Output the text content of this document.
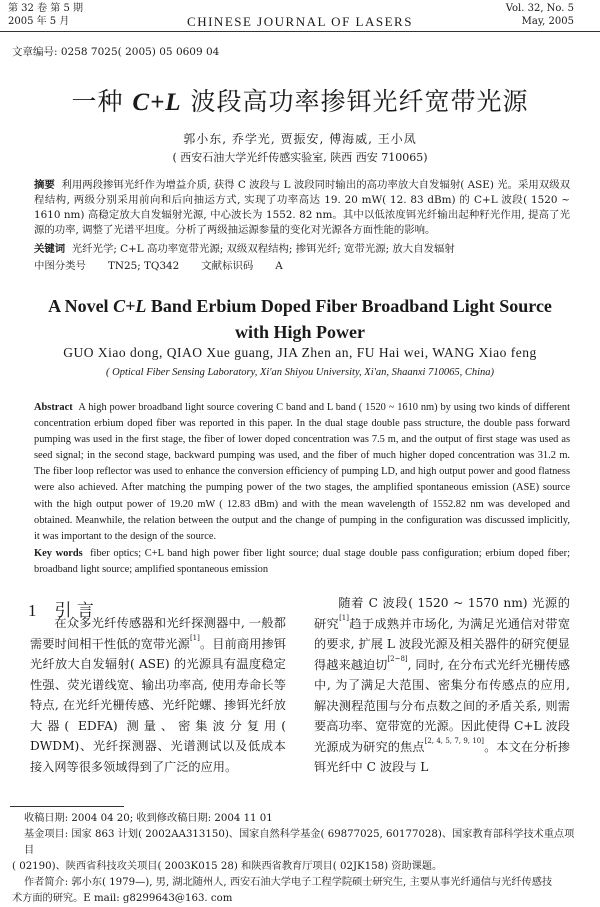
第 32 卷 第 5 期
2005 年 5 月	CHINESE JOURNAL OF LASERS
Vol. 32, No. 5
May, 2005
文章编号: 0258 7025( 2005) 05 0609 04
一种 C+L 波段高功率掺铒光纤宽带光源
郭小东, 乔学光, 贾振安, 傅海威, 王小凤
( 西安石油大学光纤传感实验室, 陕西 西安 710065)
摘要 利用两段掺铒光纤作为增益介质, 获得 C 波段与 L 波段同时输出的高功率放大自发辐射( ASE) 光。采用双级双程结构, 两级分别采用前向和后向抽运方式, 实现了功率高达 19. 20 mW( 12. 83 dBm) 的 C+L 波段( 1520 ~ 1610 nm) 高稳定放大自发辐射光源, 中心波长为 1552. 82 nm。其中以低浓度铒光纤输出起种籽光作用, 提高了光源的功率, 调整了光谱平坦度。分析了两级抽运源参量的变化对光源各方面性能的影响。
关键词 光纤光学; C+L 高功率宽带光源; 双级双程结构; 掺铒光纤; 宽带光源; 放大自发辐射
中图分类号 TN25; TQ342 文献标识码 A
A Novel C+L Band Erbium Doped Fiber Broadband Light Source
with High Power
GUO Xiao dong, QIAO Xue guang, JIA Zhen an, FU Hai wei, WANG Xiao feng
( Optical Fiber Sensing Laboratory, Xi'an Shiyou University, Xi'an, Shaanxi 710065, China)
Abstract A high power broadband light source covering C band and L band ( 1520 ~ 1610 nm) by using two kinds of different concentration erbium doped fiber was reported in this paper. In the dual stage double pass structure, the double pass forward pumping was used in the first stage, the fiber of lower doped concentration was 7.5 m, and the output of first stage was used as seed signal; in the second stage, backward pumping was used, and the fiber of much higher doped concentration was 31.2 m. The fiber loop reflector was used to enhance the conversion efficiency of pumping LD, and high output power and good flatness were also achieved. After matching the pumping power of the two stages, the amplified spontaneous emission (ASE) source with the high output power of 19.20 mW ( 12.83 dBm) and with the mean wavelength of 1552.82 nm was developed and obtained. Meanwhile, the relation between the output and the change of pumping in the configuration was discussed implicitly, it was important to the design of the source.
Key words fiber optics; C+L band high power fiber light source; dual stage double pass configuration; erbium doped fiber; broadband light source; amplified spontaneous emission
1 引 言
在众多光纤传感器和光纤探测器中, 一般都需要时间相干性低的宽带光源[1]。目前商用掺铒光纤放大自发辐射( ASE) 的光源具有温度稳定性强、荧光谱线宽、输出功率高, 使用寿命长等特点, 在光纤光栅传感、光纤陀螺、掺铒光纤放大器( EDFA) 测量、密集波分复用( DWDM)、光纤探测器、光谱测试以及低成本接入网等很多领域得到了广泛的应用。
随着 C 波段( 1520 ~ 1570 nm) 光源的研究[1]趋于成熟并市场化, 为满足光通信对带宽的要求, 扩展 L 波段光源及相关器件的研究便显得越来越迫切[2~8], 同时, 在分布式光纤光栅传感中, 为了满足大范围、密集分布传感点的应用, 解决测程范围与分布点数之间的矛盾关系, 则需要高功率、宽带宽的光源。因此使得 C+L 波段光源成为研究的焦点[2, 4, 5, 7, 9, 10]。本文在分析掺铒光纤中 C 波段与 L
收稿日期: 2004 04 20; 收到修改稿日期: 2004 11 01
基金项目: 国家 863 计划( 2002AA313150)、国家自然科学基金( 69877025, 60177028)、国家教育部科学技术重点项目
( 02190)、陕西省科技攻关项目( 2003K015 28) 和陕西省教育厅项目( 02JK158) 资助课题。
作者简介: 郭小东( 1979—), 男, 湖北随州人, 西安石油大学电子工程学院硕士研究生, 主要从事光纤通信与光纤传感技
术方面的研究。E mail: g8299643@163. com
